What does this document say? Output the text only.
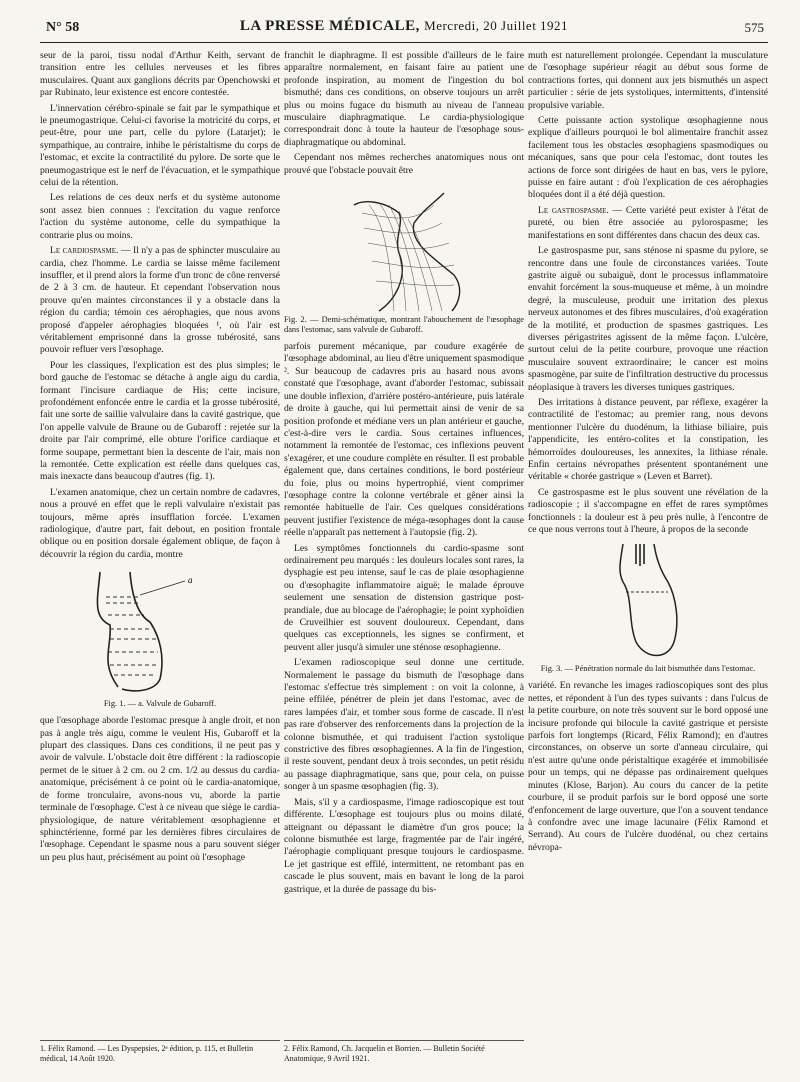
N° 58	LA PRESSE MÉDICALE, Mercredi, 20 Juillet 1921	575

seur de la paroi, tissu nodal d'Arthur Keith, servant de transition entre les cellules nerveuses et les fibres musculaires. Quant aux ganglions décrits par Openchowski et par Rubinato, leur existence est encore contestée.

L'innervation cérébro-spinale se fait par le sympathique et le pneumogastrique. Celui-ci favorise la motricité du corps, et peut-être, pour une part, celle du pylore (Latarjet); le sympathique, au contraire, inhibe le péristaltisme du corps de l'estomac, et excite la contractilité du pylore. De sorte que le pneumogastrique est le nerf de l'évacuation, et le sympathique celui de la rétention.

Les relations de ces deux nerfs et du système autonome sont assez bien connues : l'excitation du vague renforce l'action du système autonome, celle du sympathique la contrarie plus ou moins.

Le cardiospasme. — Il n'y a pas de sphincter musculaire au cardia, chez l'homme. Le cardia se laisse même facilement insuffler, et il prend alors la forme d'un tronc de cône renversé de 2 à 3 cm. de hauteur. Et cependant l'observation nous prouve qu'en maintes circonstances il y a obstacle dans la région du cardia; témoin ces aérophagies, que nous avons proposé d'appeler aérophagies bloquées ¹, où l'air est véritablement emprisonné dans la grosse tubérosité, sans pouvoir refluer vers l'œsophage.

Pour les classiques, l'explication est des plus simples; le bord gauche de l'estomac se détache à angle aigu du cardia, formant l'incisure cardiaque de His; cette incisure, profondément enfoncée entre le cardia et la grosse tubérosité, fait une sorte de saillie valvulaire dans la cavité gastrique, que l'on appelle valvule de Braune ou de Gubaroff : rejetée sur la droite par l'air comprimé, elle obture l'orifice cardiaque et forme soupape, permettant bien la descente de l'air, mais non la remontée. Cette explication est réelle dans quelques cas, mais inexacte dans beaucoup d'autres (fig. 1).

L'examen anatomique, chez un certain nombre de cadavres, nous a prouvé en effet que le repli valvulaire n'existait pas toujours, même après insufflation forcée. L'examen radiologique, d'autre part, fait debout, en position frontale oblique ou en position dorsale également oblique, de façon à découvrir la région du cardia, montre

a
Fig. 1. — a. Valvule de Gubaroff.

que l'œsophage aborde l'estomac presque à angle droit, et non pas à angle très aigu, comme le veulent His, Gubaroff et la plupart des classiques. Dans ces conditions, il ne peut pas y avoir de valvule. L'obstacle doit être différent : la radioscopie permet de le situer à 2 cm. ou 2 cm. 1/2 au dessus du cardia-anatomique, précisément à ce point où le cardia-anatomique, de forme tronculaire, avons-nous vu, aborde la partie terminale de l'œsophage. C'est à ce niveau que siège le cardia-physiologique, de nature véritablement œsophagienne et sphinctérienne, formé par les dernières fibres circulaires de l'œsophage. Cependant le spasme nous a paru souvent siéger un peu plus haut, précisément au point où l'œsophage

franchit le diaphragme. Il est possible d'ailleurs de le faire apparaître normalement, en faisant faire au patient une profonde inspiration, au moment de l'ingestion du bol bismuthé; dans ces conditions, on observe toujours un arrêt plus ou moins fugace du bismuth au niveau de l'anneau musculaire diaphragmatique. Le cardia-physiologique correspondrait donc à toute la hauteur de l'œsophage sous-diaphragmatique ou abdominal.

Cependant nos mêmes recherches anatomiques nous ont prouvé que l'obstacle pouvait être

Fig. 2. — Demi-schématique, montrant l'abouchement de l'œsophage dans l'estomac, sans valvule de Gubaroff.

parfois purement mécanique, par coudure exagérée de l'œsophage abdominal, au lieu d'être uniquement spasmodique ². Sur beaucoup de cadavres pris au hasard nous avons constaté que l'œsophage, avant d'aborder l'estomac, subissait une double inflexion, d'arrière postéro-antérieure, puis latérale de droite à gauche, qui lui permettait ainsi de venir de sa position profonde et médiane vers un plan antérieur et gauche, c'est-à-dire vers le cardia. Sous certaines influences, notamment la remontée de l'estomac, ces inflexions peuvent s'exagérer, et une coudure complète en résulter. Il est probable également que, dans certaines conditions, le bord postérieur du foie, plus ou moins hypertrophié, vient comprimer l'œsophage contre la colonne vertébrale et gêner ainsi la remontée habituelle de l'air. Ces quelques considérations peuvent justifier l'existence de méga-œsophages dont la cause réelle n'apparaît pas nettement à l'autopsie (fig. 2).

Les symptômes fonctionnels du cardio-spasme sont ordinairement peu marqués : les douleurs locales sont rares, la dysphagie est peu intense, sauf le cas de plaie œsophagienne ou d'œsophagite inflammatoire aiguë; le malade éprouve seulement une sensation de distension gastrique post-prandiale, due au blocage de l'aérophagie; le point xyphoïdien de Cruveilhier est souvent douloureux. Cependant, dans quelques cas exceptionnels, les signes se confirment, et peuvent aller jusqu'à simuler une sténose œsophagienne.

L'examen radioscopique seul donne une certitude. Normalement le passage du bismuth de l'œsophage dans l'estomac s'effectue très simplement : on voit la colonne, à peine effilée, pénétrer de plein jet dans l'estomac, avec de rares lampées d'air, et tomber sous forme de cascade. Il n'est pas rare d'observer des renforcements dans la projection de la colonne bismuthée, et qui traduisent l'action systolique constrictive des fibres œsophagiennes. A la fin de l'ingestion, il reste souvent, pendant deux à trois secondes, un petit résidu au passage diaphragmatique, sans que, pour cela, on puisse songer à un spasme œsophagien (fig. 3).

Mais, s'il y a cardiospasme, l'image radioscopique est tout différente. L'œsophage est toujours plus ou moins dilaté, atteignant ou dépassant le diamètre d'un gros pouce; la colonne bismuthée est large, fragmentée par de l'air ingéré, l'aérophagie compliquant presque toujours le cardiospasme. Le jet gastrique est effilé, intermittent, ne retombant pas en cascade le plus souvent, mais en bavant le long de la paroi gastrique, et la durée de passage du bis-

muth est naturellement prolongée. Cependant la musculature de l'œsophage supérieur réagit au début sous forme de contractions fortes, qui donnent aux jets bismuthés un aspect particulier : série de jets systoliques, intermittents, d'intensité propulsive variable.

Cette puissante action systolique œsophagienne nous explique d'ailleurs pourquoi le bol alimentaire franchit assez facilement tous les obstacles œsophagiens spasmodiques ou mécaniques, sans que pour cela l'estomac, dont toutes les actions de force sont dirigées de haut en bas, vers le pylore, puisse en faire autant : d'où l'explication de ces aérophagies bloquées dont il a été déjà question.

Le gastrospasme. — Cette variété peut exister à l'état de pureté, ou bien être associée au pylorospasme; les manifestations en sont différentes dans chacun des deux cas.

Le gastrospasme pur, sans sténose ni spasme du pylore, se rencontre dans une foule de circonstances variées. Toute gastrite aiguë ou subaiguë, dont le processus inflammatoire envahit forcément la sous-muqueuse et même, à un moindre degré, la musculeuse, produit une irritation des plexus nerveux autonomes et des fibres musculaires, d'où exagération de la motilité, et production de spasmes gastriques. Les diverses périgastrites agissent de la même façon. L'ulcère, surtout celui de la petite courbure, provoque une réaction musculaire souvent extraordinaire; le cancer est moins spasmogène, par suite de l'infiltration destructive du processus néoplasique à travers les diverses tuniques gastriques.

Des irritations à distance peuvent, par réflexe, exagérer la contractilité de l'estomac; au premier rang, nous devons mentionner l'ulcère du duodénum, la lithiase biliaire, puis l'appendicite, les entéro-colites et la constipation, les hémorroïdes douloureuses, les annexites, la lithiase rénale. Enfin certains névropathes présentent spontanément une véritable « chorée gastrique » (Leven et Barret).

Ce gastrospasme est le plus souvent une révélation de la radioscopie ; il s'accompagne en effet de rares symptômes fonctionnels : la douleur est à peu près nulle, à l'encontre de ce que nous verrons tout à l'heure, à propos de la seconde

Fig. 3. — Pénétration normale du lait bismuthée dans l'estomac.

variété. En revanche les images radioscopiques sont des plus nettes, et répondent à l'un des types suivants : dans l'ulcus de la petite courbure, on note très souvent sur le bord opposé une incisure profonde qui bilocule la cavité gastrique et persiste parfois fort longtemps (Ricard, Félix Ramond); en d'autres circonstances, on observe un sorte d'anneau circulaire, qui n'est autre qu'une onde péristaltique exagérée et immobilisée pour un temps, qui ne dépasse pas ordinairement quelques minutes (Klose, Barjon). Au cours du cancer de la petite courbure, il se produit parfois sur le bord opposé une sorte d'enfoncement de large ouverture, que l'on a souvent tendance à confondre avec une image lacunaire (Félix Ramond et Serrand). Au cours de l'ulcère duodénal, ou chez certains névropa-

1. Félix Ramond. — Les Dyspepsies, 2ᵉ édition, p. 115, et Bulletin médical, 14 Août 1920.
2. Félix Ramond, Ch. Jacquelin et Borrien. — Bulletin Société Anatomique, 9 Avril 1921.
